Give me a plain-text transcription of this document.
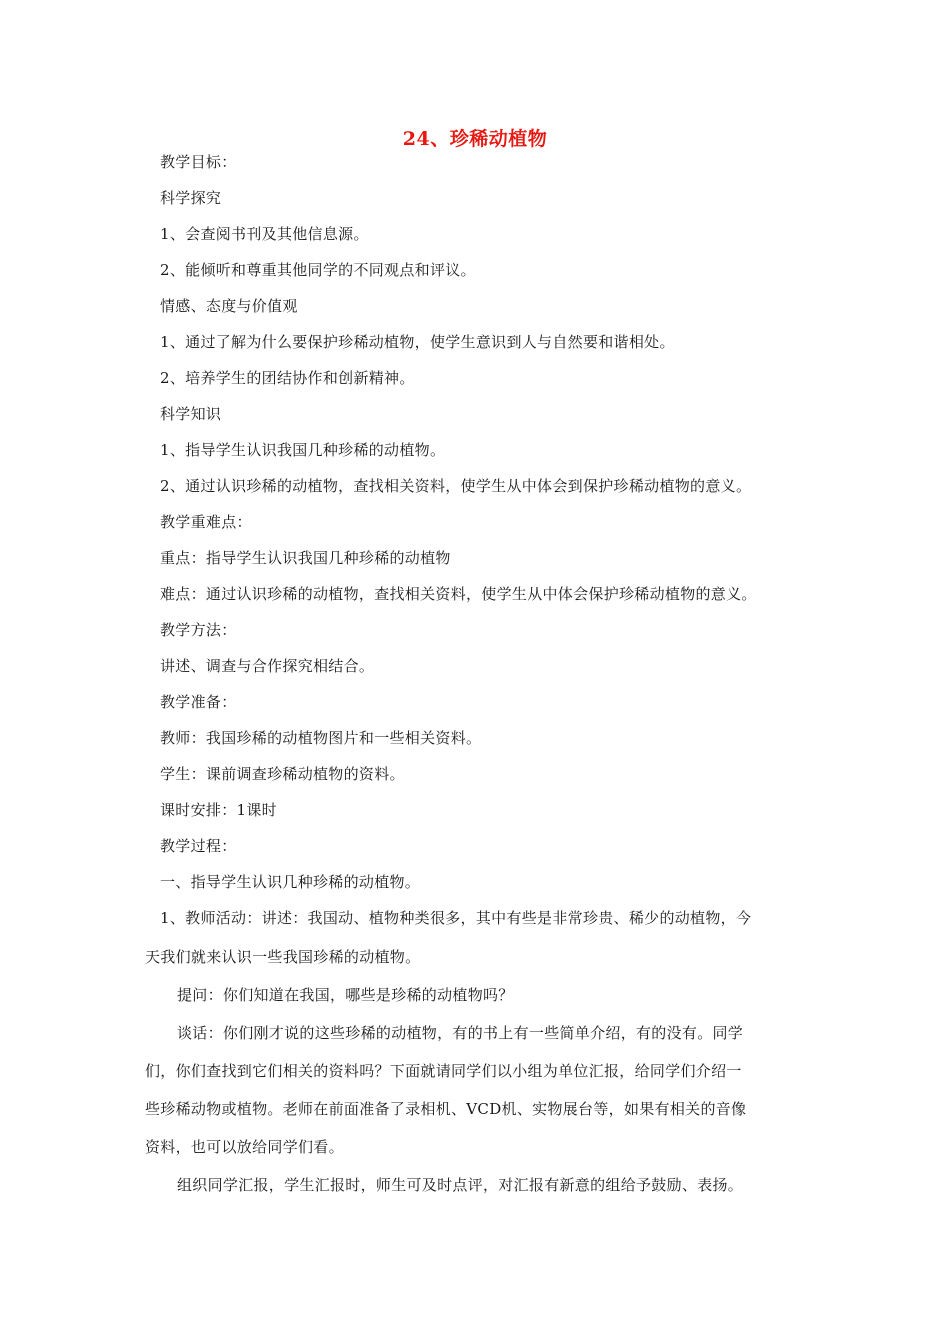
24、珍稀动植物
教学目标：
科学探究
1、会查阅书刊及其他信息源。
2、能倾听和尊重其他同学的不同观点和评议。
情感、态度与价值观
1、通过了解为什么要保护珍稀动植物，使学生意识到人与自然要和谐相处。
2、培养学生的团结协作和创新精神。
科学知识
1、指导学生认识我国几种珍稀的动植物。
2、通过认识珍稀的动植物，查找相关资料，使学生从中体会到保护珍稀动植物的意义。
教学重难点：
重点：指导学生认识我国几种珍稀的动植物
难点：通过认识珍稀的动植物，查找相关资料，使学生从中体会保护珍稀动植物的意义。
教学方法：
讲述、调查与合作探究相结合。
教学准备：
教师：我国珍稀的动植物图片和一些相关资料。
学生：课前调查珍稀动植物的资料。
课时安排：1课时
教学过程：
一、指导学生认识几种珍稀的动植物。
1、教师活动：讲述：我国动、植物种类很多，其中有些是非常珍贵、稀少的动植物，今
天我们就来认识一些我国珍稀的动植物。
提问：你们知道在我国，哪些是珍稀的动植物吗？
谈话：你们刚才说的这些珍稀的动植物，有的书上有一些简单介绍，有的没有。同学
们，你们查找到它们相关的资料吗？下面就请同学们以小组为单位汇报，给同学们介绍一
些珍稀动物或植物。老师在前面准备了录相机、VCD机、实物展台等，如果有相关的音像
资料，也可以放给同学们看。
组织同学汇报，学生汇报时，师生可及时点评，对汇报有新意的组给予鼓励、表扬。
